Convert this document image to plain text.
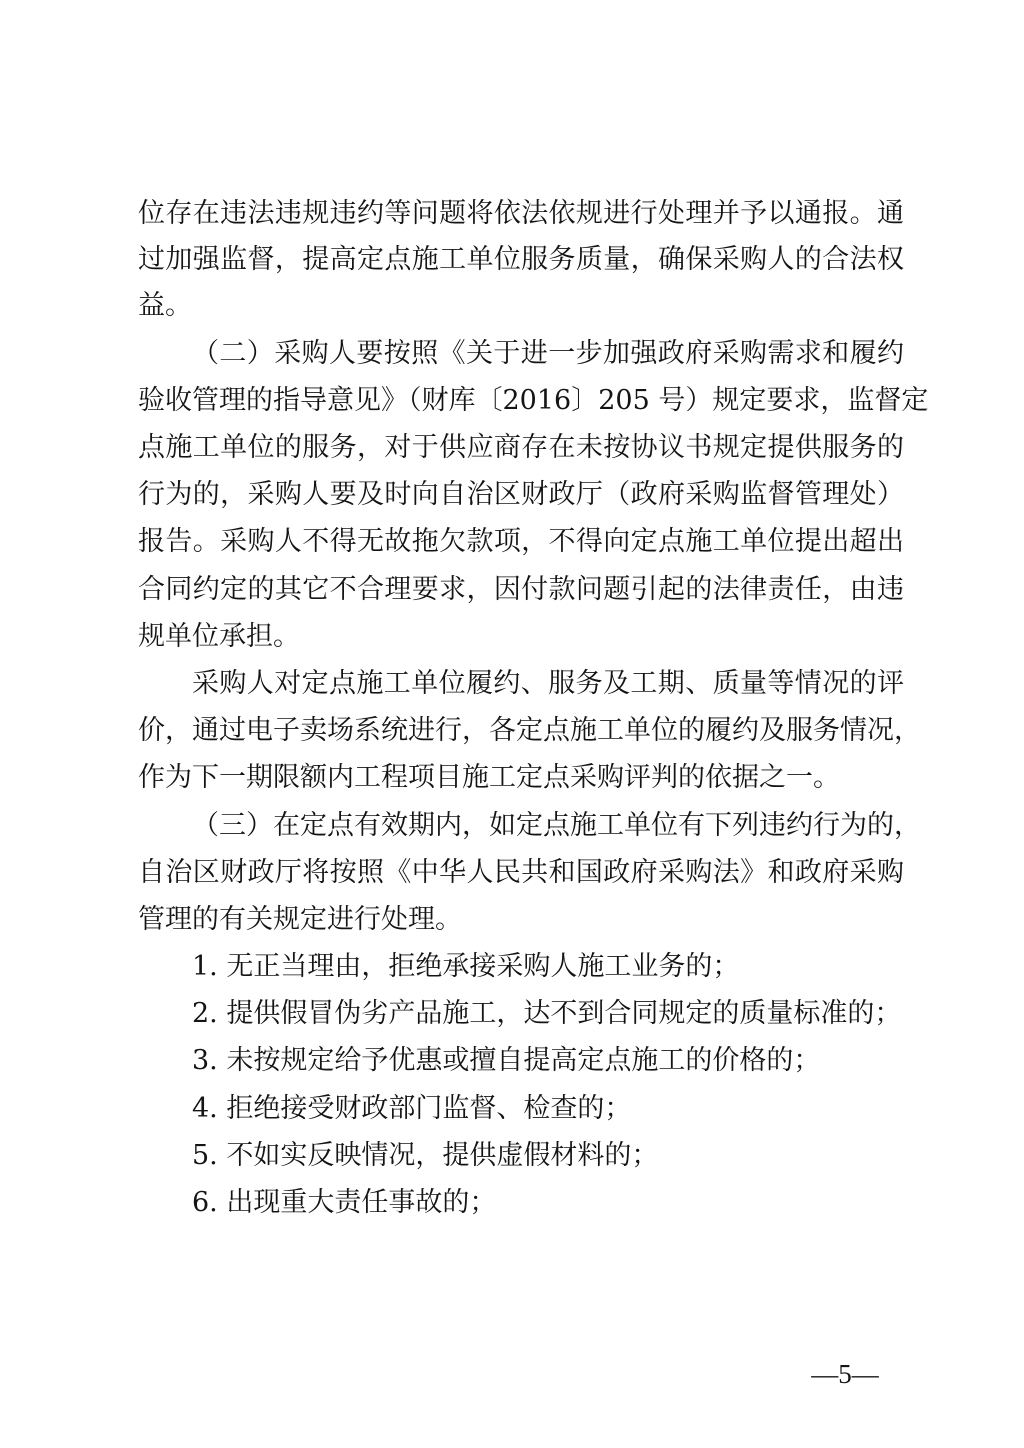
位存在违法违规违约等问题将依法依规进行处理并予以通报。通
过加强监督，提高定点施工单位服务质量，确保采购人的合法权
益。
（二）采购人要按照《关于进一步加强政府采购需求和履约
验收管理的指导意见》（财库〔2016〕205 号）规定要求，监督定
点施工单位的服务，对于供应商存在未按协议书规定提供服务的
行为的，采购人要及时向自治区财政厅（政府采购监督管理处）
报告。采购人不得无故拖欠款项，不得向定点施工单位提出超出
合同约定的其它不合理要求，因付款问题引起的法律责任，由违
规单位承担。
采购人对定点施工单位履约、服务及工期、质量等情况的评
价，通过电子卖场系统进行，各定点施工单位的履约及服务情况，
作为下一期限额内工程项目施工定点采购评判的依据之一。
（三）在定点有效期内，如定点施工单位有下列违约行为的，
自治区财政厅将按照《中华人民共和国政府采购法》和政府采购
管理的有关规定进行处理。
1. 无正当理由，拒绝承接采购人施工业务的；
2. 提供假冒伪劣产品施工，达不到合同规定的质量标准的；
3. 未按规定给予优惠或擅自提高定点施工的价格的；
4. 拒绝接受财政部门监督、检查的；
5. 不如实反映情况，提供虚假材料的；
6. 出现重大责任事故的；
—5—
